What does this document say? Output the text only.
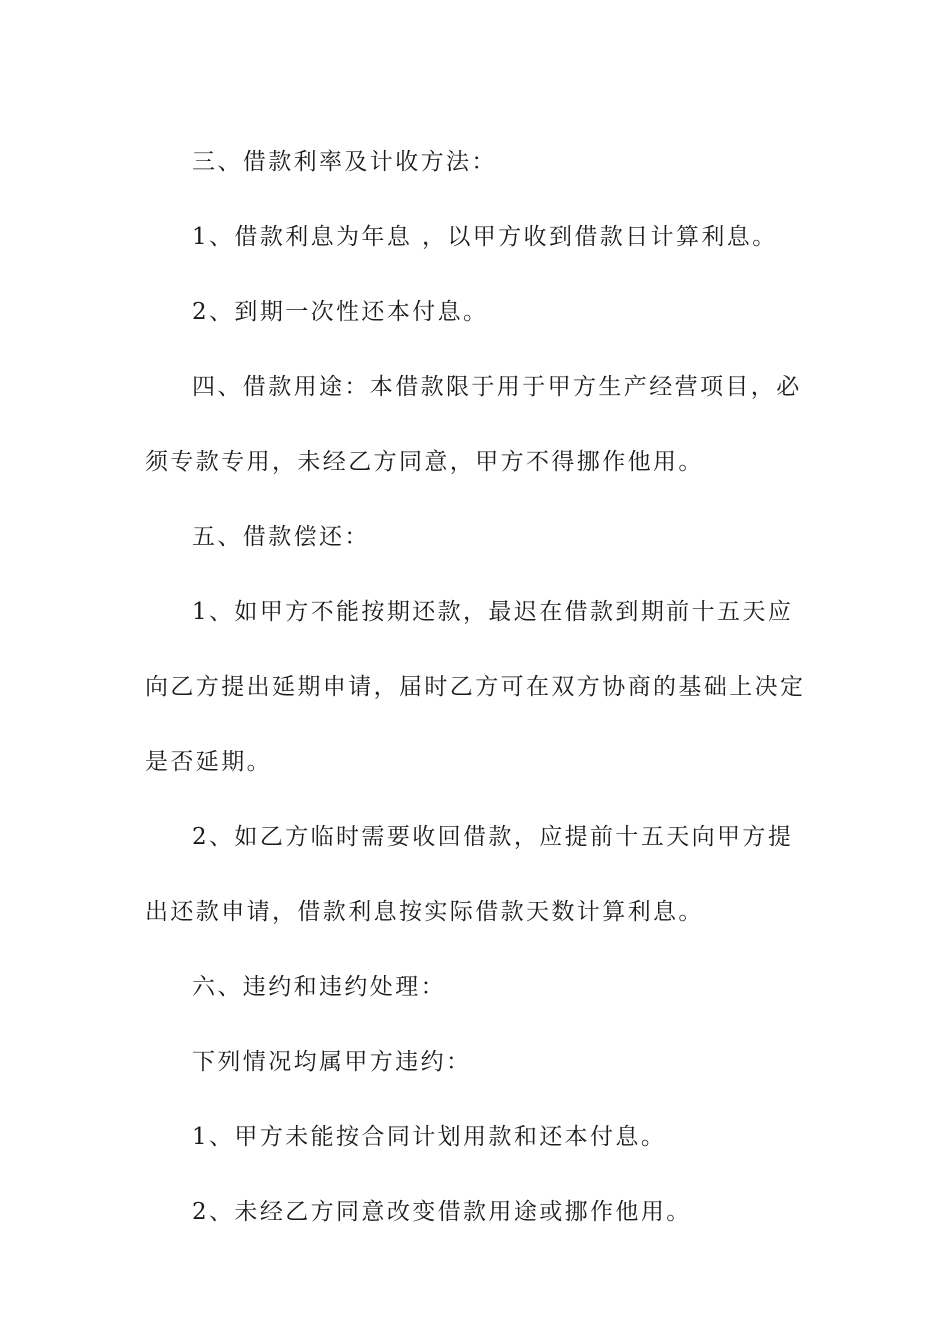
三、借款利率及计收方法：

1、借款利息为年息 ，以甲方收到借款日计算利息。

2、到期一次性还本付息。

四、借款用途：本借款限于用于甲方生产经营项目，必须专款专用，未经乙方同意，甲方不得挪作他用。

五、借款偿还：

1、如甲方不能按期还款，最迟在借款到期前十五天应向乙方提出延期申请，届时乙方可在双方协商的基础上决定是否延期。

2、如乙方临时需要收回借款，应提前十五天向甲方提出还款申请，借款利息按实际借款天数计算利息。

六、违约和违约处理：

下列情况均属甲方违约：

1、甲方未能按合同计划用款和还本付息。

2、未经乙方同意改变借款用途或挪作他用。
